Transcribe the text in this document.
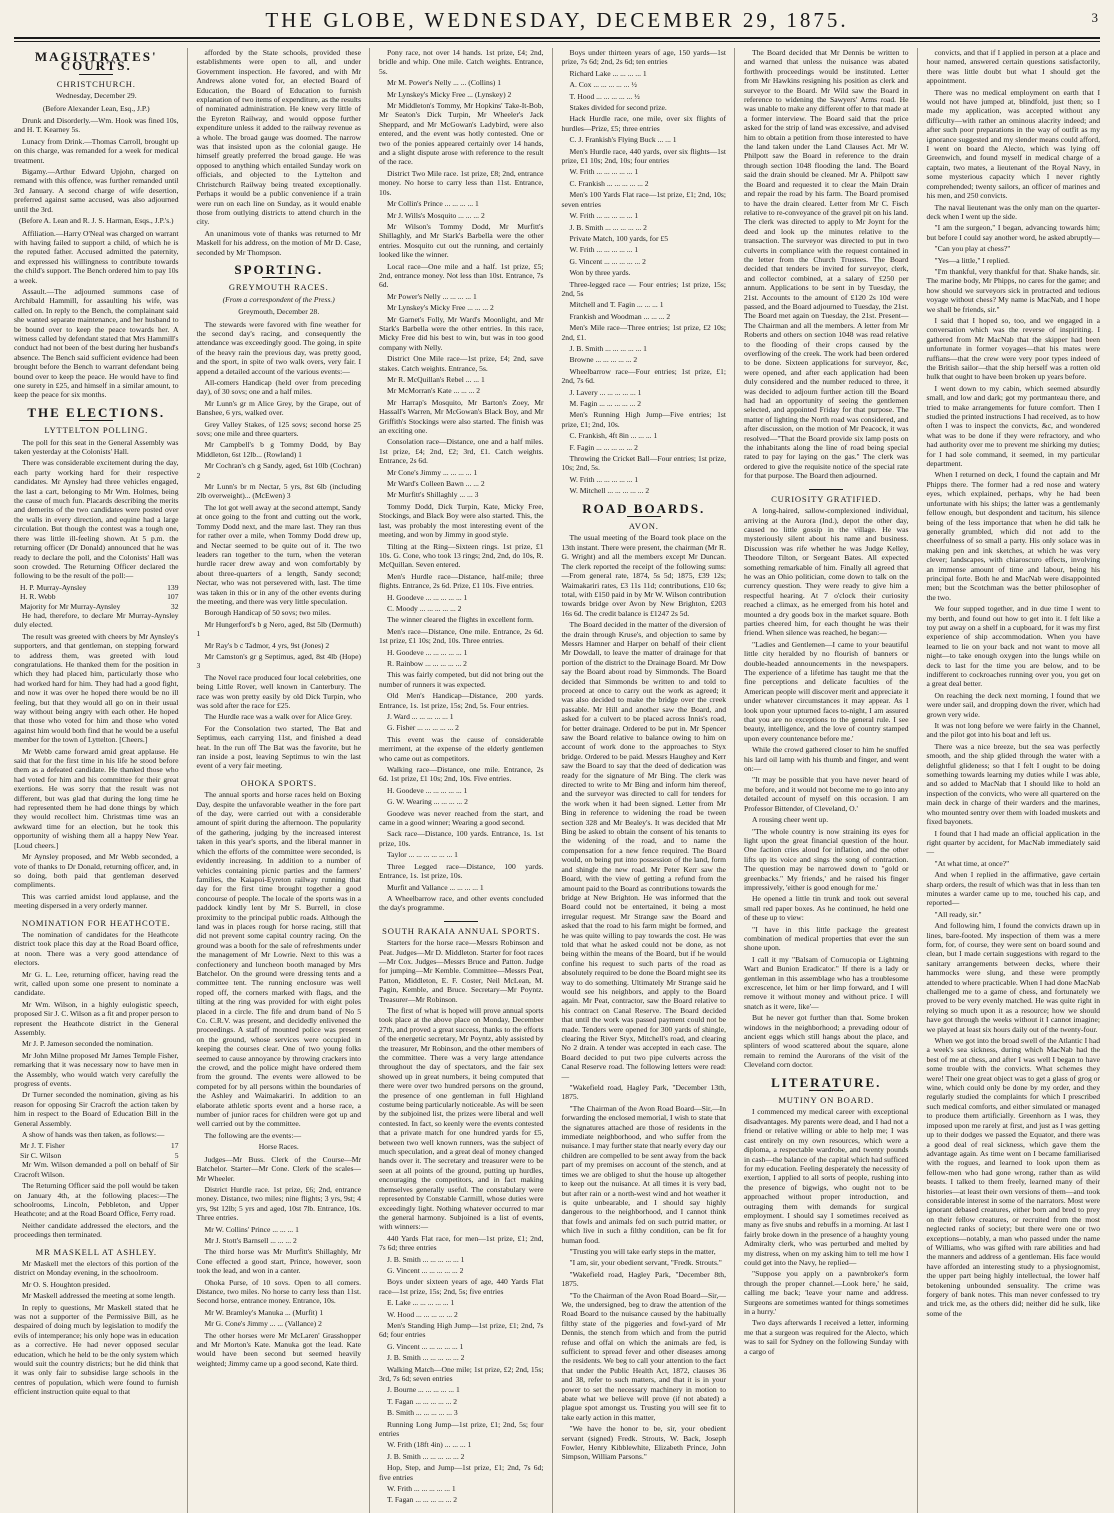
THE GLOBE, WEDNESDAY, DECEMBER 29, 1875.	3
MAGISTRATES' COURTS.
CHRISTCHURCH.
Wednesday, December 29.
(Before Alexander Lean, Esq., J.P.)

Drunk and Disorderly.—Wm. Hook was fined 10s, and H. T. Kearney 5s.

Lunacy from Drink.—Thomas Carroll, brought up on this charge, was remanded for a week for medical treatment.

Bigamy.—Arthur Edward Upjohn, charged on remand with this offence, was further remanded until 3rd January. A second charge of wife desertion, preferred against same accused, was also adjourned until the 3rd.

(Before A. Lean and R. J. S. Harman, Esqs., J.P.'s.)

Affiliation.—Harry O'Neal was charged on warrant with having failed to support a child, of which he is the reputed father. Accused admitted the paternity, and expressed his willingness to contribute towards the child's support. The Bench ordered him to pay 10s a week.

Assault.—The adjourned summons case of Archibald Hammill, for assaulting his wife, was called on. In reply to the Bench, the complainant said she wanted separate maintenance, and her husband to be bound over to keep the peace towards her. A witness called by defendant stated that Mrs Hammill's conduct had not been of the best during her husband's absence. The Bench said sufficient evidence had been brought before the Bench to warrant defendant being bound over to keep the peace. He would have to find one surety in £25, and himself in a similar amount, to keep the peace for six months.

THE ELECTIONS.
LYTTELTON POLLING.

The poll for this seat in the General Assembly was taken yesterday at the Colonists' Hall.

There was considerable excitement during the day, each party working hard for their respective candidates. Mr Aynsley had three vehicles engaged, the last a cart, belonging to Mr Wm. Holmes, being the cause of much fun. Placards describing the merits and demerits of the two candidates were posted over the walls in every direction, and equine had a large circulation. But though the contest was a tough one, there was little ill-feeling shown. At 5 p.m. the returning officer (Dr Donald) announced that he was ready to declare the poll, and the Colonists' Hall was soon crowded. The Returning Officer declared the following to be the result of the poll:—

H. P. Murray-Aynsley	139
H. R. Webb	107
Majority for Mr Murray-Aynsley	32

He had, therefore, to declare Mr Murray-Aynsley duly elected.

The result was greeted with cheers by Mr Aynsley's supporters, and that gentleman, on stepping forward to address them, was greeted with loud congratulations. He thanked them for the position in which they had placed him, particularly those who had worked hard for him. They had had a good fight, and now it was over he hoped there would be no ill feeling, but that they would all go on in their usual way without being angry with each other. He hoped that those who voted for him and those who voted against him would both find that he would be a useful member for the town of Lyttelton. [Cheers.]

Mr Webb came forward amid great applause. He said that for the first time in his life he stood before them as a defeated candidate. He thanked those who had voted for him and his committee for their great exertions. He was sorry that the result was not different, but was glad that during the long time he had represented them he had done things by which they would recollect him. Christmas time was an awkward time for an election, but he took this opportunity of wishing them all a happy New Year. [Loud cheers.]

Mr Aynsley proposed, and Mr Webb seconded, a vote of thanks to Dr Donald, returning officer, and, in so doing, both paid that gentleman deserved compliments.

This was carried amidst loud applause, and the meeting dispersed in a very orderly manner.

NOMINATION FOR HEATHCOTE.

The nomination of candidates for the Heathcote district took place this day at the Road Board office, at noon. There was a very good attendance of electors.

Mr G. L. Lee, returning officer, having read the writ, called upon some one present to nominate a candidate.

Mr Wm. Wilson, in a highly eulogistic speech, proposed Sir J. C. Wilson as a fit and proper person to represent the Heathcote district in the General Assembly.

Mr J. P. Jameson seconded the nomination.

Mr John Milne proposed Mr James Temple Fisher, remarking that it was necessary now to have men in the Assembly, who would watch very carefully the progress of events.

Dr Turner seconded the nomination, giving as his reason for opposing Sir Cracroft the action taken by him in respect to the Board of Education Bill in the General Assembly.

A show of hands was then taken, as follows:—

Mr J. T. Fisher	17
Sir C. Wilson	5

Mr Wm. Wilson demanded a poll on behalf of Sir Cracroft Wilson.

The Returning Officer said the poll would be taken on January 4th, at the following places:—The schoolrooms, Lincoln, Pebbleton, and Upper Heathcote; and at the Road Board Office, Ferry road.

Neither candidate addressed the electors, and the proceedings then terminated.

MR MASKELL AT ASHLEY.

Mr Maskell met the electors of this portion of the district on Monday evening, in the schoolroom.

Mr O. S. Houghton presided.

Mr Maskell addressed the meeting at some length.

In reply to questions, Mr Maskell stated that he was not a supporter of the Permissive Bill, as he despaired of doing much by legislation to modify the evils of intemperance; his only hope was in education as a corrective. He had never opposed secular education, which he held to be the only system which would suit the country districts; but he did think that it was only fair to subsidise large schools in the centres of population, which were found to furnish efficient instruction quite equal to that

afforded by the State schools, provided these establishments were open to all, and under Government inspection. He favored, and with Mr Andrews alone voted for, an elected Board of Education, the Board of Education to furnish explanation of two items of expenditure, as the results of nominated administration. He knew very little of the Eyreton Railway, and would oppose further expenditure unless it added to the railway revenue as a whole. The broad gauge was doomed. The narrow was that insisted upon as the colonial gauge. He himself greatly preferred the broad gauge. He was opposed to anything which entailed Sunday work on officials, and objected to the Lyttelton and Christchurch Railway being treated exceptionally. Perhaps it would be a public convenience if a train were run on each line on Sunday, as it would enable those from outlying districts to attend church in the city.

An unanimous vote of thanks was returned to Mr Maskell for his address, on the motion of Mr D. Case, seconded by Mr Thompson.

SPORTING.
GREYMOUTH RACES.
(From a correspondent of the Press.)
Greymouth, December 28.

The stewards were favored with fine weather for the second day's racing, and consequently the attendance was exceedingly good. The going, in spite of the heavy rain the previous day, was pretty good, and the sport, in spite of two walk overs, very fair. I append a detailed account of the various events:—

All-comers Handicap (held over from preceding day), of 30 sovs; one and a half miles.

Mr Lunn's gr m Alice Grey, by the Grape, out of Banshee, 6 yrs, walked over.

Grey Valley Stakes, of 125 sovs; second horse 25 sovs; one mile and three quarters.

Mr Campbell's b g Tommy Dodd, by Bay Middleton, 6st 12lb... (Rowland) 1

Mr Cochran's ch g Sandy, aged, 6st 10lb (Cochran) 2

Mr Lunn's br m Nectar, 5 yrs, 8st 6lb (including 2lb overweight)... (McEwen) 3

The lot got well away at the second attempt, Sandy at once going to the front and cutting out the work, Tommy Dodd next, and the mare last. They ran thus for rather over a mile, when Tommy Dodd drew up, and Nectar seemed to be quite out of it. The two leaders ran together to the turn, when the veteran hurdle racer drew away and won comfortably by about three-quarters of a length, Sandy second; Nectar, who was not persevered with, last. The time was taken in this or in any of the other events during the meeting, and there was very little speculation.

Borough Handicap of 50 sovs; two miles.

Mr Hungerford's b g Nero, aged, 8st 5lb (Dermuth) 1

Mr Ray's b c Tadmor, 4 yrs, 9st (Jones) 2

Mr Camston's gr g Septimus, aged, 8st 4lb (Hope) 3

The Novel race produced four local celebrities, one being Little Rover, well known in Canterbury. The race was won pretty easily by old Dick Turpin, who was sold after the race for £25.

The Hurdle race was a walk over for Alice Grey.

For the Consolation two started, The Bat and Septimus, each carrying 11st, and finished a dead heat. In the run off The Bat was the favorite, but he ran inside a post, leaving Septimus to win the last event of a very fair meeting.

OHOKA SPORTS.

The annual sports and horse races held on Boxing Day, despite the unfavorable weather in the fore part of the day, were carried out with a considerable amount of spirit during the afternoon. The popularity of the gathering, judging by the increased interest taken in this year's sports, and the liberal manner in which the efforts of the committee were seconded, is evidently increasing. In addition to a number of vehicles containing picnic parties and the farmers' families, the Kaiapoi-Eyreton railway running that day for the first time brought together a good concourse of people. The locale of the sports was in a paddock kindly lent by Mr S. Burrell, in close proximity to the principal public roads. Although the land was in places rough for horse racing, still that did not prevent some capital country racing. On the ground was a booth for the sale of refreshments under the management of Mr Lowrie. Next to this was a confectionery and luncheon booth managed by Mrs Batchelor. On the ground were dressing tents and a committee tent. The running enclosure was well roped off, the corners marked with flags, and the tilting at the ring was provided for with eight poles placed in a circle. The fife and drum band of No 5 Co. C.R.V. was present, and decidedly enlivened the proceedings. A staff of mounted police was present on the ground, whose services were occupied in keeping the courses clear. One of two young folks seemed to cause annoyance by throwing crackers into the crowd, and the police might have ordered them from the ground. The events were allowed to be competed for by all persons within the boundaries of the Ashley and Waimakariri. In addition to an elaborate athletic sports event and a horse race, a number of junior races for children were got up and well carried out by the committee.

The following are the events:—

Horse Races.

Judges—Mr Buss. Clerk of the Course—Mr Batchelor. Starter—Mr Cone. Clerk of the scales—Mr Wheeler.

District Hurdle race. 1st prize, £6; 2nd, entrance money. Distance, two miles; nine flights; 3 yrs, 9st; 4 yrs, 9st 12lb; 5 yrs and aged, 10st 7lb. Entrance, 10s. Three entries.

Mr W. Collins' Prince ... ... ... 1

Mr J. Stott's Barnsell ... ... ... 2

The third horse was Mr Murfitt's Shillaghly, Mr Cone effected a good start, Prince, however, soon took the lead, and won in a canter.

Ohoka Purse, of 10 sovs. Open to all comers. Distance, two miles. No horse to carry less than 11st. Second horse, entrance money. Entrance, 10s.

Mr W. Bramley's Manuka ... (Murfit) 1

Mr G. Cone's Jimmy ... ... (Vallance) 2

The other horses were Mr McLaren' Grasshopper and Mr Morton's Kate. Manuka got the lead. Kate would have been second but seemed heavily weighted; Jimmy came up a good second, Kate third.

Pony race, not over 14 hands. 1st prize, £4; 2nd, bridle and whip. One mile. Catch weights. Entrance, 5s.

Mr M. Power's Nelly ... ... (Collins) 1

Mr Lynskey's Micky Free ... (Lynskey) 2

Mr Middleton's Tommy, Mr Hopkins' Take-It-Bob, Mr Seaton's Dick Turpin, Mr Wheeler's Jack Sheppard, and Mr McGowan's Ladybird, were also entered, and the event was hotly contested. One or two of the ponies appeared certainly over 14 hands, and a slight dispute arose with reference to the result of the race.

District Two Mile race. 1st prize, £8; 2nd, entrance money. No horse to carry less than 11st. Entrance, 10s.

Mr Collin's Prince ... ... ... ... 1

Mr J. Wills's Mosquito ... ... ... 2

Mr Wilson's Tommy Dodd, Mr Murfitt's Shillaghly, and Mr Stark's Barbella were the other entries. Mosquito cut out the running, and certainly looked like the winner.

Local race—One mile and a half. 1st prize, £5; 2nd, entrance money. Not less than 10st. Entrance, 7s 6d.

Mr Power's Nelly ... ... ... ... 1

Mr Lynskey's Micky Free ... ... ... 2

Mr Garnet's Folly, Mr Ward's Moonlight, and Mr Stark's Barbella were the other entries. In this race, Micky Free did his best to win, but was in too good company with Nelly.

District One Mile race—1st prize, £4; 2nd, save stakes. Catch weights. Entrance, 5s.

Mr R. McQuillan's Rebel ... ... 1

Mr McMorran's Kate ... ... ... 2

Mr Harrap's Mosquito, Mr Barton's Zoey, Mr Hassall's Warren, Mr McGowan's Black Boy, and Mr Griffith's Stockings were also started. The finish was an exciting one.

Consolation race—Distance, one and a half miles. 1st prize, £4; 2nd, £2; 3rd, £1. Catch weights. Entrance, 2s 6d.

Mr Cone's Jimmy ... ... ... ... 1

Mr Ward's Colleen Bawn ... ... 2

Mr Murfitt's Shillaghly ... ... 3

Tommy Dodd, Dick Turpin, Kate, Micky Free, Stockings, and Black Boy were also started. This, the last, was probably the most interesting event of the meeting, and won by Jimmy in good style.

Tilting at the Ring—Sixteen rings. 1st prize, £1 10s. G. Cone, who took 13 rings; 2nd, 2nd, do 10s, R. McQuillan. Seven entered.

Men's Hurdle race—Distance, half-mile; three flights. Entrance, 2s 6d. Prize, £1 10s. Five entries.

H. Goodeve ... ... ... ... ... 1

C. Moody ... ... ... ... ... 2

The winner cleared the flights in excellent form.

Men's race—Distance, One mile. Entrance, 2s 6d. 1st prize, £1 10s; 2nd, 10s. Three entries.

H. Goodeve ... ... ... ... ... 1

R. Rainbow ... ... ... ... ... 2

This was fairly competed, but did not bring out the number of runners it was expected.

Old Men's Handicap—Distance, 200 yards. Entrance, 1s. 1st prize, 15s; 2nd, 5s. Four entries.

J. Ward ... ... ... ... ... 1

G. Fisher ... ... ... ... ... 2

This event was the cause of considerable merriment, at the expense of the elderly gentlemen who came out as competitors.

Walking race—Distance, one mile. Entrance, 2s 6d. 1st prize, £1 10s; 2nd, 10s. Five entries.

H. Goodeve ... ... ... ... ... 1

G. W. Wearing ... ... ... ... 2

Goodeve was never reached from the start, and came in a good winner; Wearing a good second.

Sack race—Distance, 100 yards. Entrance, 1s. 1st prize, 10s.

Taylor ... ... ... ... ... ... 1

Three Legged race—Distance, 100 yards. Entrance, 1s. 1st prize, 10s.

Murfit and Vallance ... ... ... ... 1

A Wheelbarrow race, and other events concluded the day's programme.

SOUTH RAKAIA ANNUAL SPORTS.

Starters for the horse race—Messrs Robinson and Peat. Judges—Mr D. Middleton. Starter for foot races—Mr Cox. Judges—Messrs Bruce and Patton. Judge for jumping—Mr Kemble. Committee—Messrs Peat, Patton, Middleton, E. F. Coster, Neil McLean, M. Pagin, Kemble, and Bruce. Secretary—Mr Poyntz. Treasurer—Mr Robinson.

The first of what is hoped will prove annual sports took place at the above place on Monday, December 27th, and proved a great success, thanks to the efforts of the energetic secretary, Mr Poyntz, ably assisted by the treasurer, Mr Robinson, and the other members of the committee. There was a very large attendance throughout the day of spectators, and the fair sex showed up in great numbers, it being computed that there were over two hundred persons on the ground, the presence of one gentleman in full Highland costume being particularly noticeable. As will be seen by the subjoined list, the prizes were liberal and well contested. In fact, so keenly were the events contested that a private match for one hundred yards for £5, between two well known runners, was the subject of much speculation, and a great deal of money changed hands over it. The secretary and treasurer were to be seen at all points of the ground, putting up hurdles, encouraging the competitors, and in fact making themselves generally useful. The constabulary were represented by Constable Carmill, whose duties were exceedingly light. Nothing whatever occurred to mar the general harmony. Subjoined is a list of events, with winners:—

440 Yards Flat race, for men—1st prize, £1; 2nd, 7s 6d; three entries

J. B. Smith ... ... ... ... ... 1

G. Vincent ... ... ... ... ... 2

Boys under sixteen years of age, 440 Yards Flat race—1st prize, 15s; 2nd, 5s; five entries

E. Lake ... ... ... ... ... 1

W. Hood ... ... ... ... ... 2

Men's Standing High Jump—1st prize, £1; 2nd, 7s 6d; four entries

G. Vincent ... ... ... ... ... 1

J. B. Smith ... ... ... ... ... 2

Walking Match—One mile; 1st prize, £2; 2nd, 15s; 3rd, 7s 6d; seven entries

J. Bourne ... ... ... ... ... 1

T. Fagan ... ... ... ... ... 2

B. Smith ... ... ... ... ... 3

Running Long Jump—1st prize, £1; 2nd, 5s; four entries

W. Frith (18ft 4in) ... ... ... 1

J. B. Smith ... ... ... ... ... 2

Hop, Step, and Jump—1st prize, £1; 2nd, 7s 6d; five entries

W. Frith ... ... ... ... ... 1

T. Fagan ... ... ... ... ... 2

Boys under thirteen years of age, 150 yards—1st prize, 7s 6d; 2nd, 2s 6d; ten entries

Richard Lake ... ... ... ... 1

A. Cox ... ... ... ... ... ½

T. Hood ... ... ... ... ... ½

Stakes divided for second prize.

Hack Hurdle race, one mile, over six flights of hurdles—Prize, £5; three entries

C. J. Frankish's Flying Buck ... ... 1

Men's Hurdle race, 440 yards, over six flights—1st prize, £1 10s; 2nd, 10s; four entries

W. Frith ... ... ... ... ... 1

C. Frankish ... ... ... ... ... 2

Men's 100 Yards Flat race—1st prize, £1; 2nd, 10s; seven entries

W. Frith ... ... ... ... ... 1

J. B. Smith ... ... ... ... ... 2

Private Match, 100 yards, for £5

W. Frith ... ... ... ... ... 1

G. Vincent ... ... ... ... ... 2

Won by three yards.

Three-legged race — Four entries; 1st prize, 15s; 2nd, 5s

Mitchell and T. Fagin ... ... ... 1

Frankish and Woodman ... ... ... 2

Men's Mile race—Three entries; 1st prize, £2 10s; 2nd, £1.

J. B. Smith ... ... ... ... ... 1

Browne ... ... ... ... ... 2

Wheelbarrow race—Four entries; 1st prize, £1; 2nd, 7s 6d.

J. Lavery ... ... ... ... ... 1

M. Fagin ... ... ... ... ... 2

Men's Running High Jump—Five entries; 1st prize, £1; 2nd, 10s.

C. Frankish, 4ft 8in ... ... ... 1

F. Fagin ... ... ... ... ... 2

Throwing the Cricket Ball—Four entries; 1st prize, 10s; 2nd, 5s.

W. Frith ... ... ... ... ... 1

W. Mitchell ... ... ... ... ... 2

ROAD BOARDS.
AVON.

The usual meeting of the Board took place on the 13th instant. There were present, the chairman (Mr R. G. Wright) and all the members except Mr Duncan. The clerk reported the receipt of the following sums:—From general rate, 1874, 5s 5d; 1875, £39 12s; Waimakariri rates, £3 11s 11d; contributions, £10 6s; total, with £150 paid in by Mr W. Wilson contribution towards bridge over Avon by New Brighton, £203 16s 6d. The credit balance is £1247 2s 5d.

The Board decided in the matter of the diversion of the drain through Kruse's, and objection to same by Messrs Hamner and Harper on behalf of their client Mr Dowdall, to leave the matter of drainage for that portion of the district to the Drainage Board. Mr Dow say the Board about road by Simmonds. The Board decided that Simmonds be written to and told to proceed at once to carry out the work as agreed; it was also decided to make the bridge over the creek passable. Mr Hill and another saw the Board, and asked for a culvert to be placed across Innis's road, for better drainage. Ordered to be put in. Mr Spencer saw the Board relative to balance owing to him on account of work done to the approaches to Styx bridge. Ordered to be paid. Messrs Haughey and Kerr saw the Board to say that the deed of dedication was ready for the signature of Mr Bing. The clerk was directed to write to Mr Bing and inform him thereof, and the surveyor was directed to call for tenders for the work when it had been signed. Letter from Mr Bing in reference to widening the road be tween section 328 and Mr Bealey's. It was decided that Mr Bing be asked to obtain the consent of his tenants to the widening of the road, and to name the compensation for a new fence required. The Board would, on being put into possession of the land, form and shingle the new road. Mr Peter Kerr saw the Board, with the view of getting a refund from the amount paid to the Board as contributions towards the bridge at New Brighton. He was informed that the Board could not be entertained, it being a most irregular request. Mr Strange saw the Board and asked that the road to his farm might be formed, and he was quite willing to pay towards the cost. He was told that what he asked could not be done, as not being within the means of the Board, but if he would confine his request to such parts of the road as absolutely required to be done the Board might see its way to do something. Ultimately Mr Strange said he would see his neighbors, and apply to the Board again. Mr Peat, contractor, saw the Board relative to his contract on Canal Reserve. The Board decided that until the work was passed payment could not be made. Tenders were opened for 300 yards of shingle, clearing the River Styx, Mitchell's road, and clearing No 2 drain. A tender was accepted in each case. The Board decided to put two pipe culverts across the Canal Reserve road. The following letters were read:—

"Wakefield road, Hagley Park, "December 13th, 1875.

"The Chairman of the Avon Road Board—Sir,—In forwarding the enclosed memorial, I wish to state that the signatures attached are those of residents in the immediate neighborhood, and who suffer from the nuisance. I may further state that nearly every day our children are compelled to be sent away from the back part of my premises on account of the stench, and at times we are obliged to shut the house up altogether to keep out the nuisance. At all times it is very bad, but after rain or a north-west wind and hot weather it is quite unbearable, and I should say highly dangerous to the neighborhood, and I cannot think that fowls and animals fed on such putrid matter, or which live in such a filthy condition, can be fit for human food.

"Trusting you will take early steps in the matter,

"I am, sir, your obedient servant, "Fredk. Strouts."

"Wakefield road, Hagley Park, "December 8th, 1875.

"To the Chairman of the Avon Road Board—Sir,—We, the undersigned, beg to draw the attention of the Road Board to the nuisance caused by the habitually filthy state of the piggeries and fowl-yard of Mr Dennis, the stench from which and from the putrid refuse and offal on which the animals are fed, is sufficient to spread fever and other diseases among the residents. We beg to call your attention to the fact that under the Public Health Act, 1872, clauses 36 and 38, refer to such matters, and that it is in your power to set the necessary machinery in motion to abate what we believe will prove (if not abated) a plague spot amongst us. Trusting you will see fit to take early action in this matter,

"We have the honor to be, sir, your obedient servant (signed) Fredk. Strouts, W. Back, Joseph Fowler, Henry Kibblewhite, Elizabeth Prince, John Simpson, William Parsons."

The Board decided that Mr Dennis be written to and warned that unless the nuisance was abated forthwith proceedings would be instituted. Letter from Mr Hawkins resigning his position as clerk and surveyor to the Board. Mr Wild saw the Board in reference to widening the Sawyers' Arms road. He was unable to make any different offer to that made at a former interview. The Board said that the price asked for the strip of land was excessive, and advised him to obtain a petition from those interested to have the land taken under the Land Clauses Act. Mr W. Philpott saw the Board in reference to the drain through section 1048 flooding the land. The Board said the drain should be cleaned. Mr A. Philpott saw the Board and requested it to clear the Main Drain and repair the road by his farm. The Board promised to have the drain cleared. Letter from Mr C. Fisch relative to re-conveyance of the gravel pit on his land. The clerk was directed to apply to Mr Joynt for the deed and look up the minutes relative to the transaction. The surveyor was directed to put in two culverts in compliance with the request contained in the letter from the Church Trustees. The Board decided that tenders be invited for surveyor, clerk, and collector combined, at a salary of £250 per annum. Applications to be sent in by Tuesday, the 21st. Accounts to the amount of £120 2s 10d were passed, and the Board adjourned to Tuesday, the 21st. The Board met again on Tuesday, the 21st. Present—The Chairman and all the members. A letter from Mr Roberts and others on section 1048 was read relative to the flooding of their crops caused by the overflowing of the creek. The work had been ordered to be done. Sixteen applications for surveyor, &c, were opened, and after each application had been duly considered and the number reduced to three, it was decided to adjourn further action till the Board had had an opportunity of seeing the gentlemen selected, and appointed Friday for that purpose. The matter of lighting the North road was considered, and after discussion, on the motion of Mr Peacock, it was resolved—"That the Board provide six lamp posts on the inhabitants along the line of road being special rated to pay for laying on the gas." The clerk was ordered to give the requisite notice of the special rate for that purpose. The Board then adjourned.

CURIOSITY GRATIFIED.

A long-haired, sallow-complexioned individual, arriving at the Aurora (Ind.), depot the other day, caused no little gossip in the village. He was mysteriously silent about his name and business. Discussion was rife whether he was Judge Kelley, Theodore Tilton, or Sergeant Bates. All expected something remarkable of him. Finally all agreed that he was an Ohio politician, come down to talk on the currency question. They were ready to give him a respectful hearing. At 7 o'clock their curiosity reached a climax, as he emerged from his hotel and mounted a dry goods box in the market square. Both parties cheered him, for each thought he was their friend. When silence was reached, he began:—

"Ladies and Gentlemen—I came to your beautiful little city heralded by no flourish of banners or double-headed announcements in the newspapers. The experience of a lifetime has taught me that the fine perceptions and delicate faculties of the American people will discover merit and appreciate it under whatever circumstances it may appear. As I look upon your upturned faces to-night, I am assured that you are no exceptions to the general rule. I see beauty, intelligence, and the love of country stamped upon every countenance before me.'

While the crowd gathered closer to him he snuffed his lard oil lamp with his thumb and finger, and went on:—

"It may be possible that you have never heard of me before, and it would not become me to go into any detailed account of myself on this occasion. I am Professor Bittender, of Cleveland, O.'

A rousing cheer went up.

"The whole country is now straining its eyes for light upon the great financial question of the hour. One faction cries aloud for inflation, and the other lifts up its voice and sings the song of contraction. The question may be narrowed down to "gold or greenbacks." My friends,' and he raised his finger impressively, 'either is good enough for me.'

He opened a little tin trunk and took out several small red paper boxes. As he continued, he held one of these up to view:

"I have in this little package the greatest combination of medical properties that ever the sun shone upon.

I call it my "Balsam of Cornucopia or Lightning Wart and Bunion Eradicator." If there is a lady or gentleman in this assemblage who has a troublesome excrescence, let him or her limp forward, and I will remove it without money and without price. I will snatch as it were, like'—

But he never got further than that. Some broken windows in the neighborhood; a prevading odour of ancient eggs which still hangs about the place, and splinters of wood scattered about the square, alone remain to remind the Aurorans of the visit of the Cleveland corn doctor.

LITERATURE.
MUTINY ON BOARD.

I commenced my medical career with exceptional disadvantages. My parents were dead, and I had not a friend or relative willing or able to help me; I was cast entirely on my own resources, which were a diploma, a respectable wardrobe, and twenty pounds in cash—the balance of the capital which had sufficed for my education. Feeling desperately the necessity of exertion, I applied to all sorts of people, rushing into the presence of bigwigs, who ought not to be approached without proper introduction, and outraging them with demands for surgical employment. I should say I sometimes received as many as five snubs and rebuffs in a morning. At last I fairly broke down in the presence of a haughty young Admiralty clerk, who was perturbed and melted by my distress, when on my asking him to tell me how I could get into the Navy, he replied—

"Suppose you apply on a pawnbroker's form through the proper channel.—Look here,' he said, calling me back; 'leave your name and address. Surgeons are sometimes wanted for things sometimes in a hurry.'

Two days afterwards I received a letter, informing me that a surgeon was required for the Alecto, which was to sail for Sydney on the following Sunday with a cargo of

convicts, and that if I applied in person at a place and hour named, answered certain questions satisfactorily, there was little doubt but what I should get the appointment.

There was no medical employment on earth that I would not have jumped at, blindfold, just then; so I made my application, was accepted without any difficulty—with rather an ominous alacrity indeed; and after such poor preparations in the way of outfit as my ignorance suggested and my slender means could afford, I went on board the Alecto, which was lying off Greenwich, and found myself in medical charge of a captain, two mates, a lieutenant of the Royal Navy, in some mysterious capacity which I never rightly comprehended; twenty sailors, an officer of marines and his men, and 250 convicts.

The naval lieutenant was the only man on the quarter-deck when I went up the side.

"I am the surgeon," I began, advancing towards him; but before I could say another word, he asked abruptly—

"Can you play at chess?"

"Yes—a little," I replied.

"I'm thankful, very thankful for that. Shake hands, sir. The marine body, Mr Phipps, no cares for the game; and how should we surveyors sick in protracted and tedious voyage without chess? My name is MacNab, and I hope we shall be friends, sir."

I said that I hoped so, too, and we engaged in a conversation which was the reverse of inspiriting. I gathered from Mr MacNab that the skipper had been unfortunate in former voyages—that his mates were ruffians—that the crew were very poor types indeed of the British sailor—that the ship herself was a rotten old hulk that ought to have been broken up years before.

I went down to my cabin, which seemed absurdly small, and low and dark; got my portmanteau there, and tried to make arrangements for future comfort. Then I studied the printed instructions I had received, as to how often I was to inspect the convicts, &c, and wondered what was to be done if they were refractory, and who had authority over me to prevent me shirking my duties; for I had sole command, it seemed, in my particular department.

When I returned on deck, I found the captain and Mr Phipps there. The former had a red nose and watery eyes, which explained, perhaps, why he had been unfortunate with his ships; the latter was a gentlemanly fellow enough, but despondent and taciturn, his silence being of the less importance that when he did talk he generally grumbled, which did not add to the cheerfulness of so small a party. His only solace was in making pen and ink sketches, at which he was very clever; landscapes, with chiaroscuro effects, involving an immense amount of time and labour, being his principal forte. Both he and MacNab were disappointed men; but the Scotchman was the better philosopher of the two.

We four supped together, and in due time I went to my berth, and found out how to get into it. I felt like a toy put away on a shelf in a cupboard, for it was my first experience of ship accommodation. When you have learned to lie on your back and not want to move all night—to take enough oxygen into the lungs while on deck to last for the time you are below, and to be indifferent to cockroaches running over you, you get on a great deal better.

On reaching the deck next morning, I found that we were under sail, and dropping down the river, which had grown very wide.

It was not long before we were fairly in the Channel, and the pilot got into his boat and left us.

There was a nice breeze, but the sea was perfectly smooth, and the ship glided through the water with a delightful glideness; so that I felt I ought to be doing something towards learning my duties while I was able, and so added to MacNab that I should like to hold an inspection of the convicts, who were all quartered on the main deck in charge of their warders and the marines, who mounted sentry over them with loaded muskets and fixed bayonets.

I found that I had made an official application in the right quarter by accident, for MacNab immediately said—

"At what time, at once?"

And when I replied in the affirmative, gave certain sharp orders, the result of which was that in less than ten minutes a warder came up to me, touched his cap, and reported—

"All ready, sir."

And following him, I found the convicts drawn up in lines, bare-footed. My inspection of them was a mere form, for, of course, they were sent on board sound and clean, but I made certain suggestions with regard to the sanitary arrangements between decks, where their hammocks were slung, and these were promptly attended to where practicable. When I had done MacNab challenged me to a game of chess, and fortunately we proved to be very evenly matched. He was quite right in relying so much upon it as a resource; how we should have got through the weeks without it I cannot imagine; we played at least six hours daily out of the twenty-four.

When we got into the broad swell of the Atlantic I had a week's sea sickness, during which MacNab had the best of me at chess, and after I was well I began to have some trouble with the convicts. What schemes they were! Their one great object was to get a glass of grog or wine, which could only be done by my order, and they regularly studied the complaints for which I prescribed such medical comforts, and either simulated or managed to produce them artificially. Greenhorn as I was, they imposed upon me rarely at first, and just as I was getting up to their dodges we passed the Equator, and there was a good deal of real sickness, which gave them the advantage again. As time went on I became familiarised with the rogues, and learned to look upon them as fellow-men who had gone wrong, rather than as wild beasts. I talked to them freely, learned many of their histories—at least their own versions of them—and took considerable interest in some of the narrators. Most were ignorant debased creatures, either born and bred to prey on their fellow creatures, or recruited from the most neglected ranks of society; but there were one or two exceptions—notably, a man who passed under the name of Williams, who was gifted with rare abilities and had the manners and address of a gentleman. His face would have afforded an interesting study to a physiognomist, the upper part being highly intellectual, the lower half betokening unbounded sensuality. The crime was forgery of bank notes. This man never confessed to try and trick me, as the others did; neither did he sulk, like some of the
